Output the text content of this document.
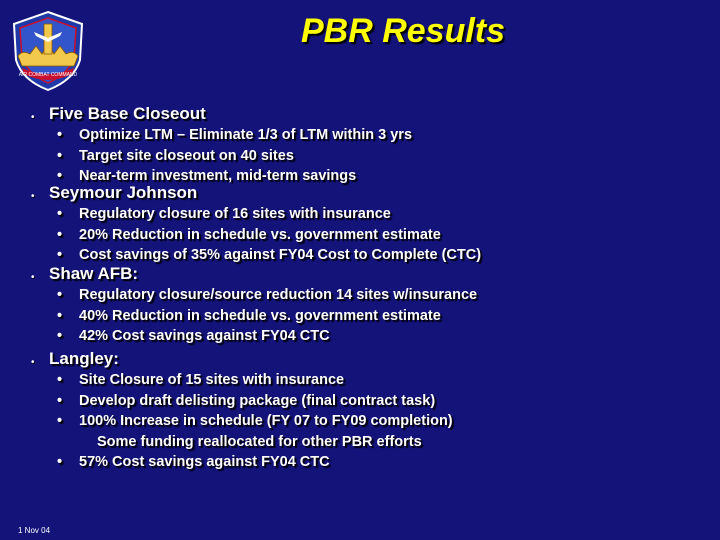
AIR COMBAT COMMAND
PBR Results
• Five Base Closeout
• Optimize LTM – Eliminate 1/3 of LTM within 3 yrs
• Target site closeout on 40 sites
• Near-term investment, mid-term savings
• Seymour Johnson
• Regulatory closure of 16 sites with insurance
• 20% Reduction in schedule vs. government estimate
• Cost savings of 35% against FY04 Cost to Complete (CTC)
• Shaw AFB:
• Regulatory closure/source reduction 14 sites w/insurance
• 40% Reduction in schedule vs. government estimate
• 42% Cost savings against FY04 CTC
• Langley:
• Site Closure of 15 sites with insurance
• Develop draft delisting package (final contract task)
• 100% Increase in schedule (FY 07 to FY09 completion)
Some funding reallocated for other PBR efforts
• 57% Cost savings against FY04 CTC
1 Nov 04
